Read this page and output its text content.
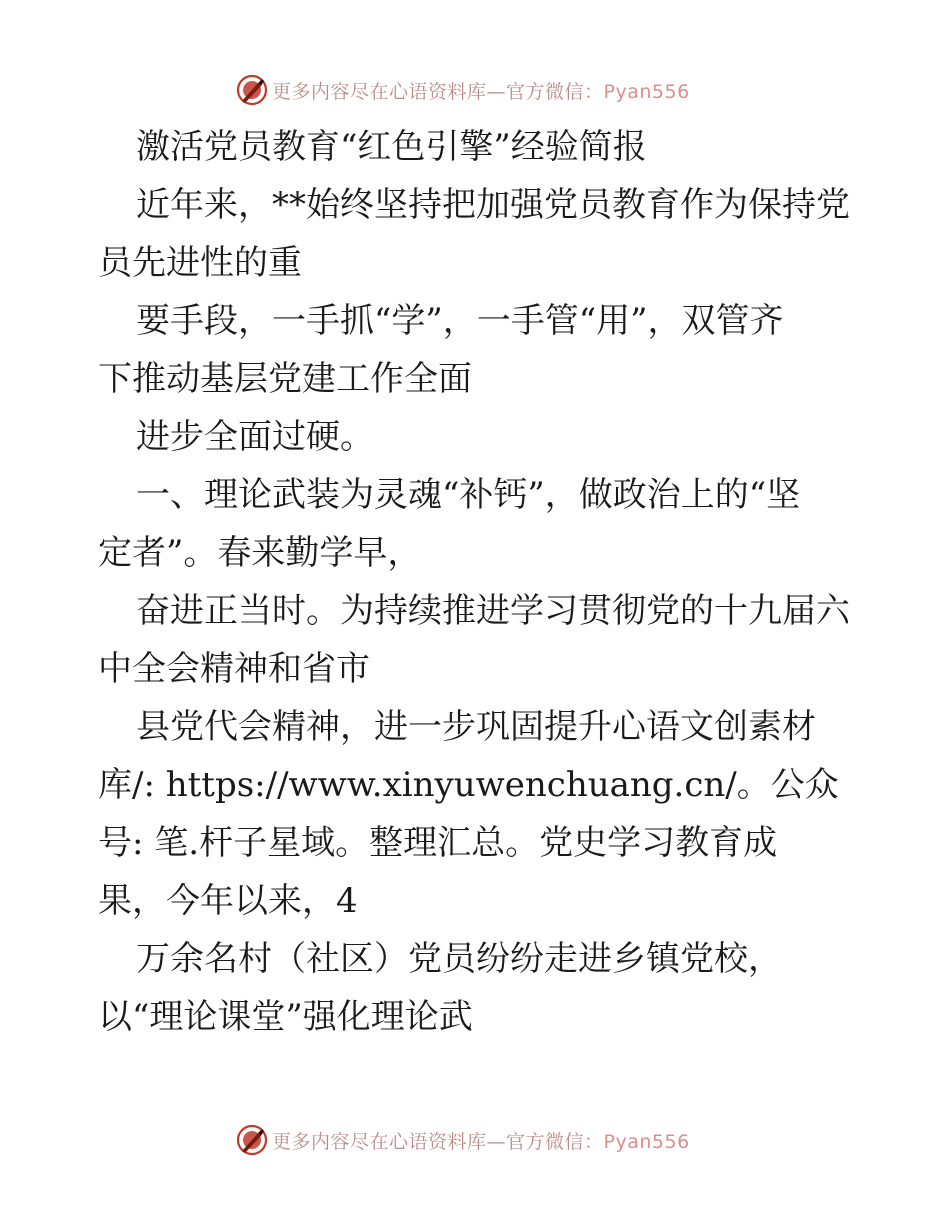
更多内容尽在心语资料库—官方微信：Pyan556
激活党员教育“红色引擎”经验简报
近年来，**始终坚持把加强党员教育作为保持党
员先进性的重
要手段，一手抓“学”，一手管“用”，双管齐
下推动基层党建工作全面
进步全面过硬。
一、理论武装为灵魂“补钙”，做政治上的“坚
定者”。春来勤学早，
奋进正当时。为持续推进学习贯彻党的十九届六
中全会精神和省市
县党代会精神，进一步巩固提升心语文创素材
库/: https://www.xinyuwenchuang.cn/。公众
号: 笔.杆子星域。整理汇总。党史学习教育成
果，今年以来，4
万余名村（社区）党员纷纷走进乡镇党校，
以“理论课堂”强化理论武
更多内容尽在心语资料库—官方微信：Pyan556
